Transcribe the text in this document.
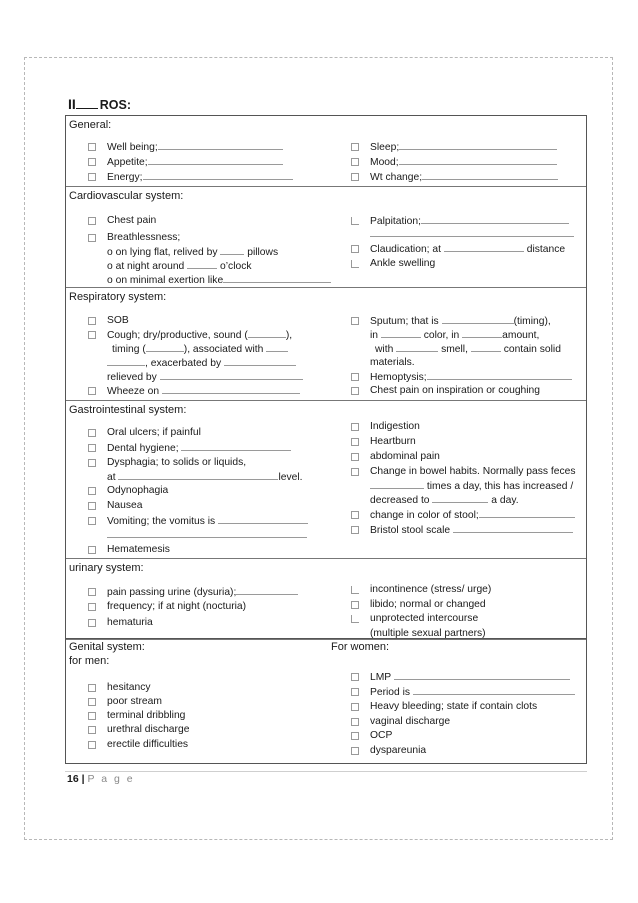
II ROS:
General:
Well being;
Appetite;
Energy;
Sleep;
Mood;
Wt change;
Cardiovascular system:
Chest pain
Breathlessness;
o on lying flat, relived by	pillows
o at night around	o’clock
o on minimal exertion like
Palpitation;
Claudication; at	distance
Ankle swelling
Respiratory system:
SOB
Cough; dry/productive, sound (	),
timing (	), associated with
, exacerbated by
relieved by
Wheeze on
Sputum; that is	(timing),
in	color, in	amount,
with	smell,	contain solid
materials.
Hemoptysis;
Chest pain on inspiration or coughing
Gastrointestinal system:
Oral ulcers; if painful
Dental hygiene;
Dysphagia; to solids or liquids,
at	level.
Odynophagia
Nausea
Vomiting; the vomitus is
Hematemesis
Indigestion
Heartburn
abdominal pain
Change in bowel habits. Normally pass feces
times a day, this has increased /
decreased to	a day.
change in color of stool;
Bristol stool scale
urinary system:
pain passing urine (dysuria);
frequency; if at night (nocturia)
hematuria
incontinence (stress/ urge)
libido; normal or changed
unprotected intercourse
(multiple sexual partners)
Genital system:
for men:
For women:
hesitancy
poor stream
terminal dribbling
urethral discharge
erectile difficulties
LMP
Period is
Heavy bleeding; state if contain clots
vaginal discharge
OCP
dyspareunia
16 | P a g e
